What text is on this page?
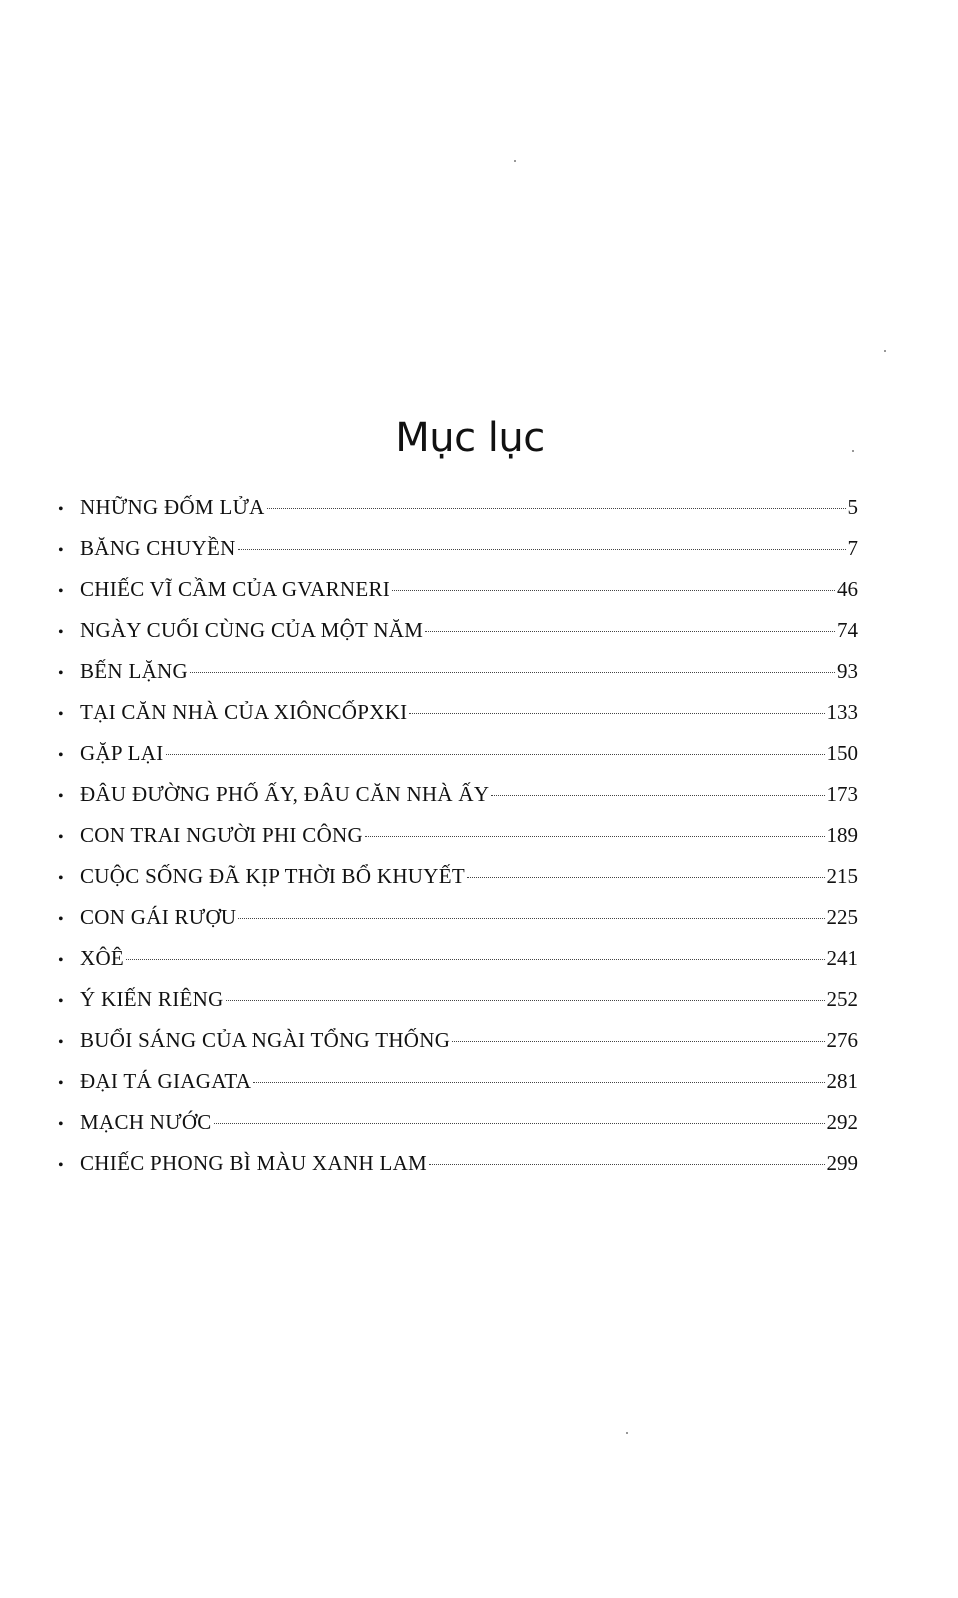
Mục lục
• NHỮNG ĐỐM LỬA	5
• BĂNG CHUYỀN	7
• CHIẾC VĨ CẦM CỦA GVARNERI	46
• NGÀY CUỐI CÙNG CỦA MỘT NĂM	74
• BẾN LẶNG	93
• TẠI CĂN NHÀ CỦA XIÔNCỐPXKI	133
• GẶP LẠI	150
• ĐÂU ĐƯỜNG PHỐ ẤY, ĐÂU CĂN NHÀ ẤY	173
• CON TRAI NGƯỜI PHI CÔNG	189
• CUỘC SỐNG ĐÃ KỊP THỜI BỔ KHUYẾT	215
• CON GÁI RƯỢU	225
• XÔÊ	241
• Ý KIẾN RIÊNG	252
• BUỔI SÁNG CỦA NGÀI TỔNG THỐNG	276
• ĐẠI TÁ GIAGATA	281
• MẠCH NƯỚC	292
• CHIẾC PHONG BÌ MÀU XANH LAM	299
